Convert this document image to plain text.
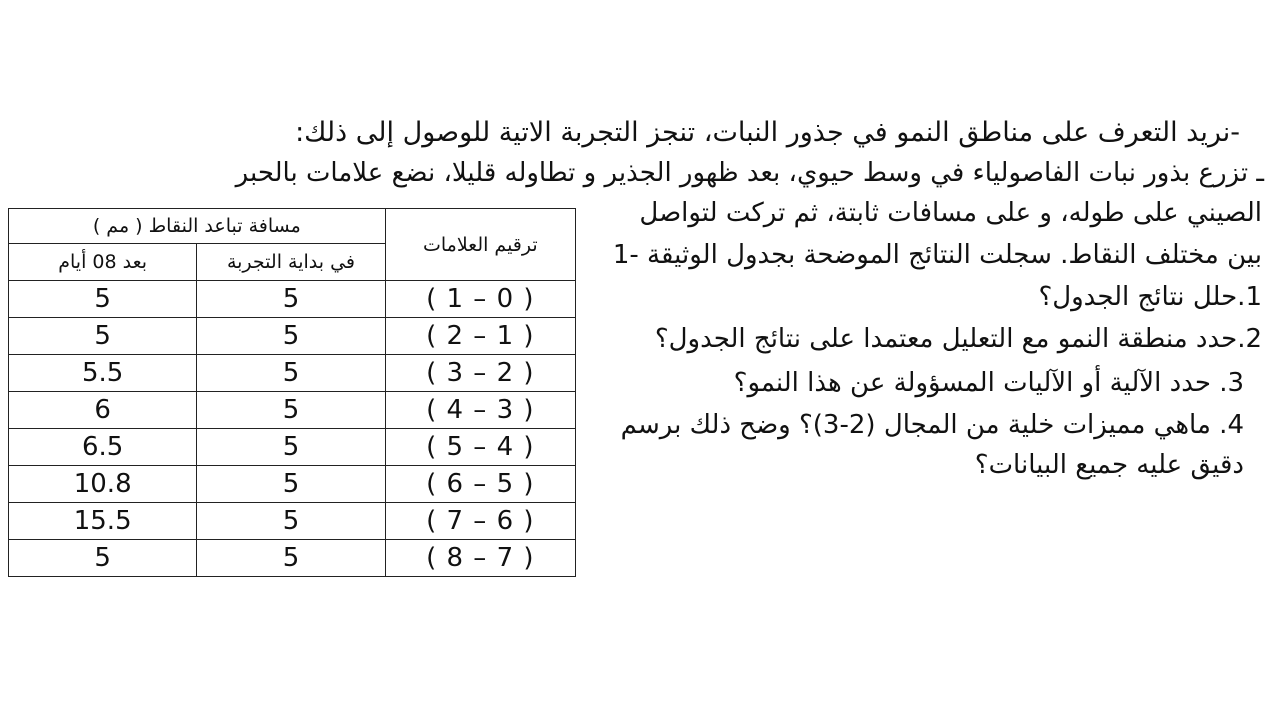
-نريد التعرف على مناطق النمو في جذور النبات، تنجز التجربة الاتية للوصول إلى ذلك:
ـ تزرع بذور نبات الفاصولياء في وسط حيوي، بعد ظهور الجذير و تطاوله قليلا، نضع علامات بالحبر
الصيني على طوله، و على مسافات ثابتة، ثم تركت لتواصل
بين مختلف النقاط. سجلت النتائج الموضحة بجدول الوثيقة -1
1.حلل نتائج الجدول؟
2.حدد منطقة النمو مع التعليل معتمدا على نتائج الجدول؟
3. حدد الآلية أو الآليات المسؤولة عن هذا النمو؟
4. ماهي مميزات خلية من المجال (2-3)؟ وضح ذلك برسم
دقيق عليه جميع البيانات؟
مسافة تباعد النقاط ( مم )		ترقيم العلامات
بعد 08 أيام	في بداية التجربة	
5	5	( 1 – 0 )
5	5	( 2 – 1 )
5.5	5	( 3 – 2 )
6	5	( 4 – 3 )
6.5	5	( 5 – 4 )
10.8	5	( 6 – 5 )
15.5	5	( 7 – 6 )
5	5	( 8 – 7 )
